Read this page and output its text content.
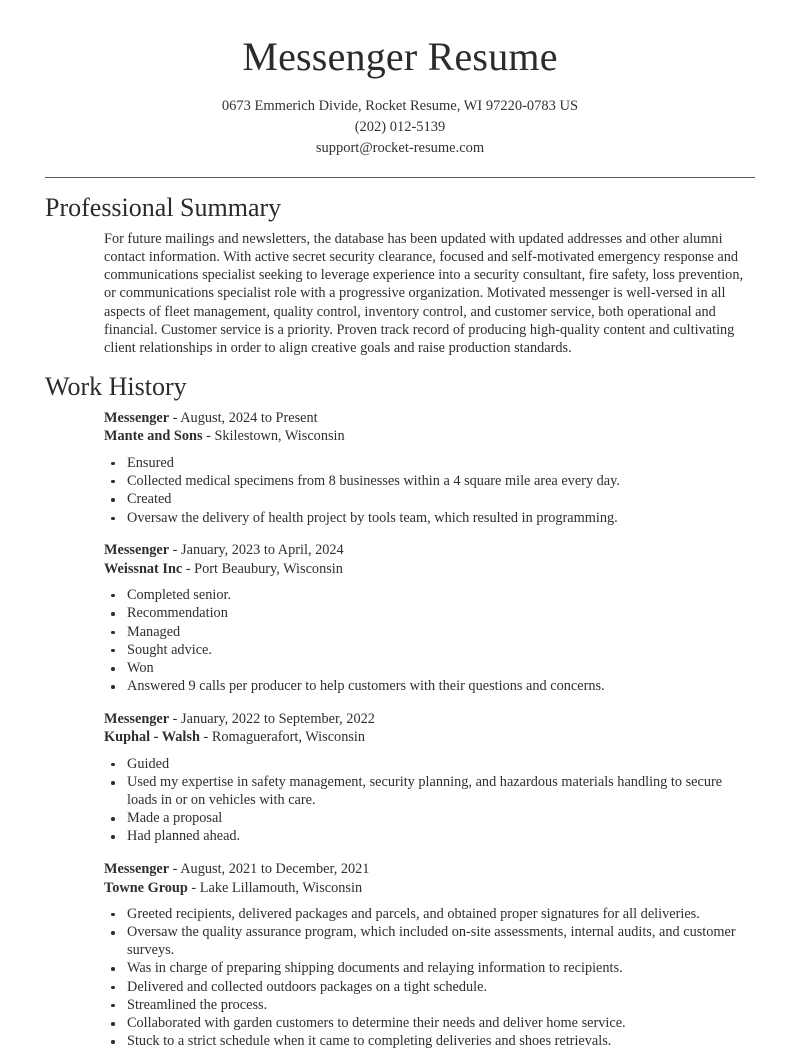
Messenger Resume
0673 Emmerich Divide, Rocket Resume, WI 97220-0783 US
(202) 012-5139
support@rocket-resume.com
Professional Summary

For future mailings and newsletters, the database has been updated with updated addresses and other alumni contact information. With active secret security clearance, focused and self-motivated emergency response and communications specialist seeking to leverage experience into a security consultant, fire safety, loss prevention, or communications specialist role with a progressive organization. Motivated messenger is well-versed in all aspects of fleet management, quality control, inventory control, and customer service, both operational and financial. Customer service is a priority. Proven track record of producing high-quality content and cultivating client relationships in order to align creative goals and raise production standards.

Work History
Messenger - August, 2024 to Present
Mante and Sons - Skilestown, Wisconsin
Ensured
Collected medical specimens from 8 businesses within a 4 square mile area every day.
Created
Oversaw the delivery of health project by tools team, which resulted in programming.
Messenger - January, 2023 to April, 2024
Weissnat Inc - Port Beaubury, Wisconsin
Completed senior.
Recommendation
Managed
Sought advice.
Won
Answered 9 calls per producer to help customers with their questions and concerns.
Messenger - January, 2022 to September, 2022
Kuphal - Walsh - Romaguerafort, Wisconsin
Guided
Used my expertise in safety management, security planning, and hazardous materials handling to secure loads in or on vehicles with care.
Made a proposal
Had planned ahead.
Messenger - August, 2021 to December, 2021
Towne Group - Lake Lillamouth, Wisconsin
Greeted recipients, delivered packages and parcels, and obtained proper signatures for all deliveries.
Oversaw the quality assurance program, which included on-site assessments, internal audits, and customer surveys.
Was in charge of preparing shipping documents and relaying information to recipients.
Delivered and collected outdoors packages on a tight schedule.
Streamlined the process.
Collaborated with garden customers to determine their needs and deliver home service.
Stuck to a strict schedule when it came to completing deliveries and shoes retrievals.
